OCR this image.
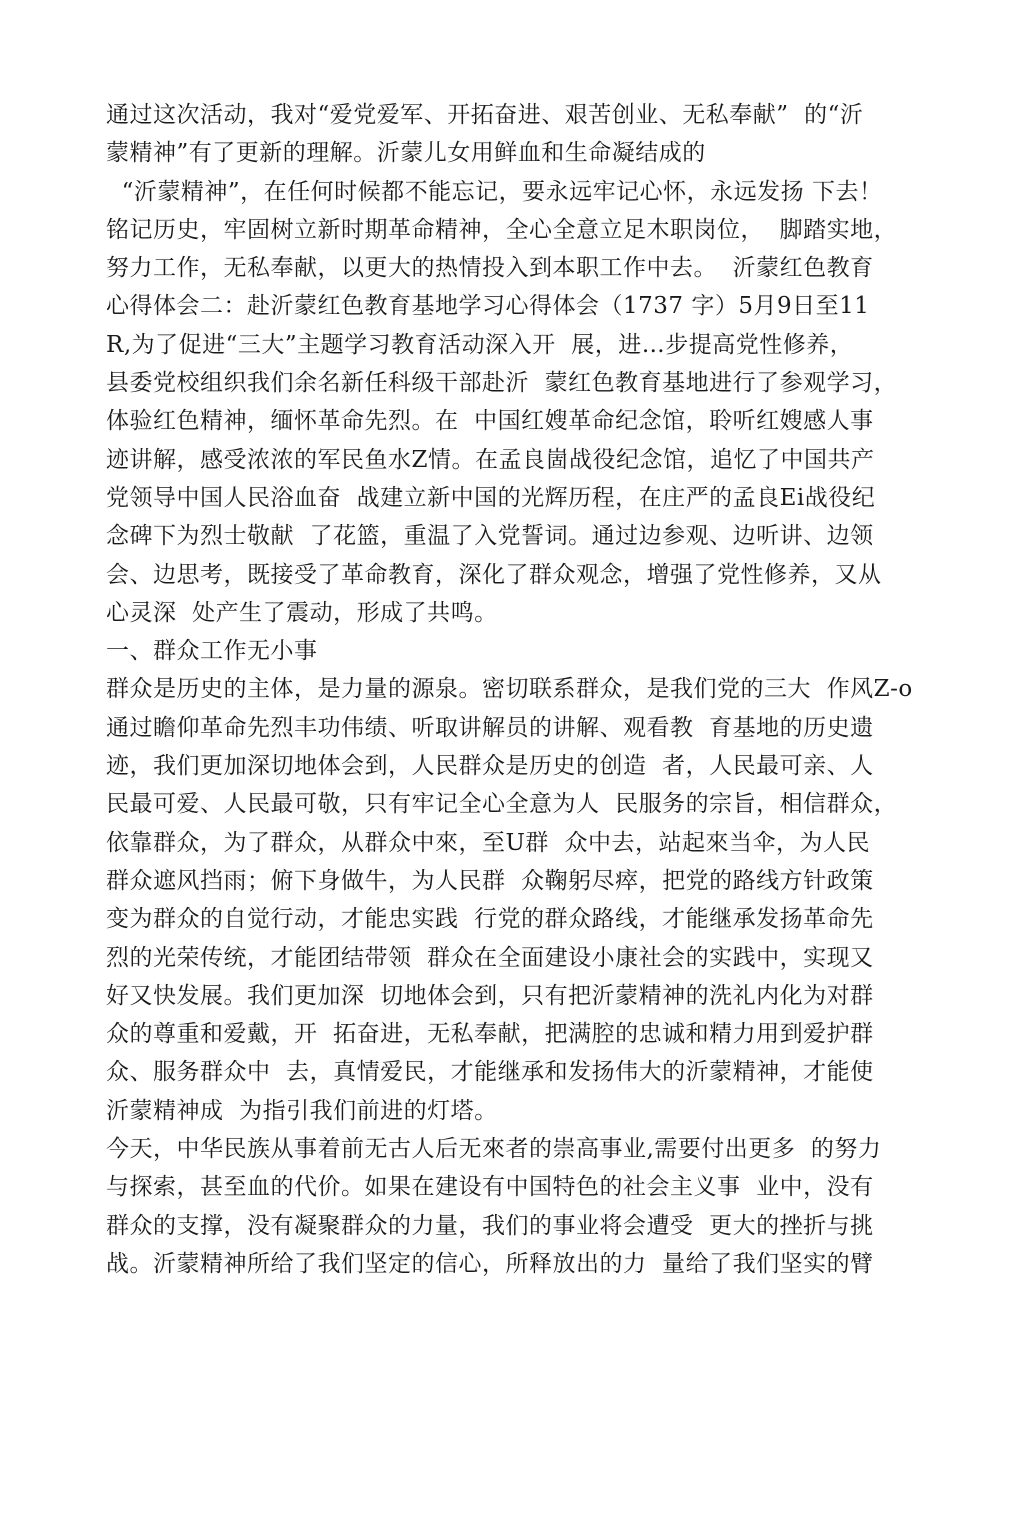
通过这次活动，我对“爱党爱军、开拓奋进、艰苦创业、无私奉献”  的“沂
蒙精神”有了更新的理解。沂蒙儿女用鲜血和生命凝结成的
“沂蒙精神”，在任何时候都不能忘记，要永远牢记心怀，永远发扬 下去！
铭记历史，牢固树立新时期革命精神，全心全意立足木职岗位，  脚踏实地，
努力工作，无私奉献，以更大的热情投入到本职工作中去。  沂蒙红色教育
心得体会二：赴沂蒙红色教育基地学习心得体会（1737 字）5月9日至11
R,为了促进“三大”主题学习教育活动深入开  展，进…步提高党性修养，
县委党校组织我们余名新任科级干部赴沂  蒙红色教育基地进行了参观学习，
体验红色精神，缅怀革命先烈。在  中国红嫂革命纪念馆，聆听红嫂感人事
迹讲解，感受浓浓的军民鱼水Z情。在孟良崮战役纪念馆，追忆了中国共产
党领导中国人民浴血奋  战建立新中国的光辉历程，在庄严的孟良Ei战役纪
念碑下为烈士敬献  了花篮，重温了入党誓词。通过边参观、边听讲、边领
会、边思考，既接受了革命教育，深化了群众观念，增强了党性修养，又从
心灵深  处产生了震动，形成了共鸣。
一、群众工作无小事
群众是历史的主体，是力量的源泉。密切联系群众，是我们党的三大  作风Z-o
通过瞻仰革命先烈丰功伟绩、听取讲解员的讲解、观看教  育基地的历史遗
迹，我们更加深切地体会到，人民群众是历史的创造  者，人民最可亲、人
民最可爱、人民最可敬，只有牢记全心全意为人  民服务的宗旨，相信群众，
依靠群众，为了群众，从群众中來，至U群  众中去，站起來当伞，为人民
群众遮风挡雨；俯下身做牛，为人民群  众鞠躬尽瘁，把党的路线方针政策
变为群众的自觉行动，才能忠实践  行党的群众路线，才能继承发扬革命先
烈的光荣传统，才能团结带领  群众在全面建设小康社会的实践中，实现又
好又快发展。我们更加深  切地体会到，只有把沂蒙精神的洗礼内化为对群
众的尊重和爱戴，开  拓奋进，无私奉献，把满腔的忠诚和精力用到爱护群
众、服务群众中  去，真情爱民，才能继承和发扬伟大的沂蒙精神，才能使
沂蒙精神成  为指引我们前进的灯塔。
今天，中华民族从事着前无古人后无來者的崇高事业,需要付出更多  的努力
与探索，甚至血的代价。如果在建设有中国特色的社会主义事  业中，没有
群众的支撑，没有凝聚群众的力量，我们的事业将会遭受  更大的挫折与挑
战。沂蒙精神所给了我们坚定的信心，所释放出的力  量给了我们坚实的臂
